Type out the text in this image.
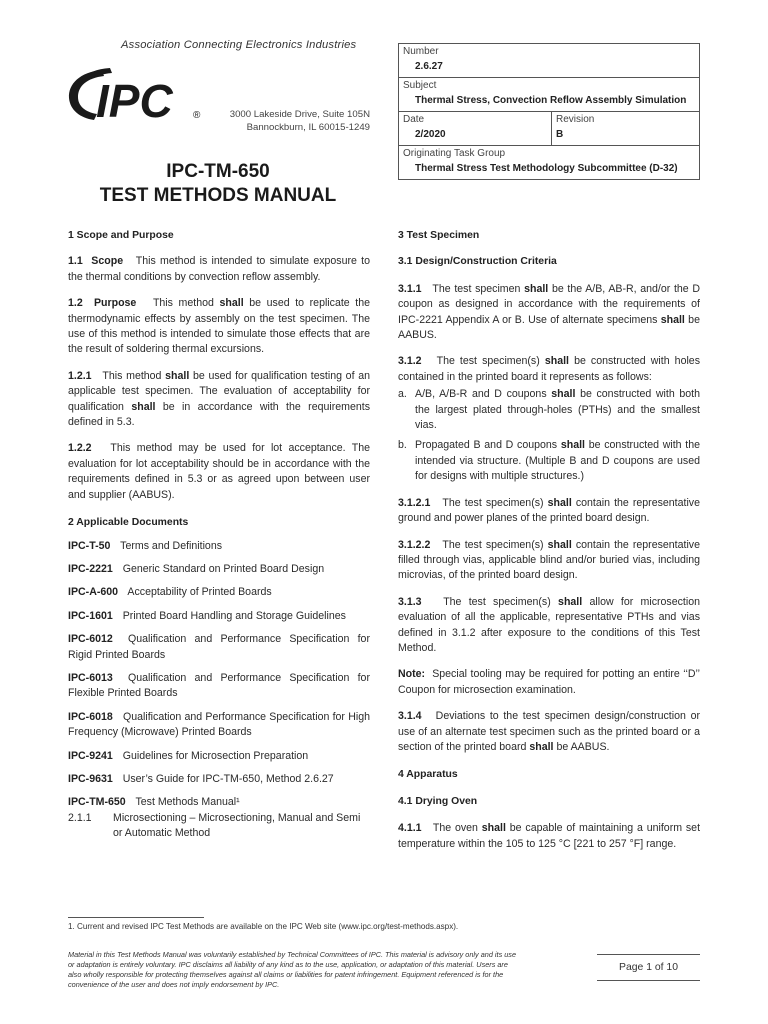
Association Connecting Electronics Industries
IPC ®	3000 Lakeside Drive, Suite 105N
Bannockburn, IL 60015-1249
IPC-TM-650
TEST METHODS MANUAL
Number
2.6.27
Subject
Thermal Stress, Convection Reflow Assembly Simulation
Date
2/2020
Revision
B
Originating Task Group
Thermal Stress Test Methodology Subcommittee (D-32)
1 Scope and Purpose

1.1 Scope This method is intended to simulate exposure to the thermal conditions by convection reflow assembly.

1.2 Purpose This method shall be used to replicate the thermodynamic effects by assembly on the test specimen. The use of this method is intended to simulate those effects that are the result of soldering thermal excursions.

1.2.1 This method shall be used for qualification testing of an applicable test specimen. The evaluation of acceptability for qualification shall be in accordance with the requirements defined in 5.3.

1.2.2 This method may be used for lot acceptance. The evaluation for lot acceptability should be in accordance with the requirements defined in 5.3 or as agreed upon between user and supplier (AABUS).

2 Applicable Documents

IPC-T-50 Terms and Definitions

IPC-2221 Generic Standard on Printed Board Design

IPC-A-600 Acceptability of Printed Boards

IPC-1601 Printed Board Handling and Storage Guidelines

IPC-6012 Qualification and Performance Specification for Rigid Printed Boards

IPC-6013 Qualification and Performance Specification for Flexible Printed Boards

IPC-6018 Qualification and Performance Specification for High Frequency (Microwave) Printed Boards

IPC-9241 Guidelines for Microsection Preparation

IPC-9631 User’s Guide for IPC-TM-650, Method 2.6.27

IPC-TM-650 Test Methods Manual¹

2.1.1	Microsectioning – Microsectioning, Manual and Semi or Automatic Method
3 Test Specimen
3.1 Design/Construction Criteria

3.1.1 The test specimen shall be the A/B, AB-R, and/or the D coupon as designed in accordance with the requirements of IPC-2221 Appendix A or B. Use of alternate specimens shall be AABUS.

3.1.2 The test specimen(s) shall be constructed with holes contained in the printed board it represents as follows:

a. A/B, A/B-R and D coupons shall be constructed with both the largest plated through-holes (PTHs) and the smallest vias.
b. Propagated B and D coupons shall be constructed with the intended via structure. (Multiple B and D coupons are used for designs with multiple structures.)

3.1.2.1 The test specimen(s) shall contain the representative ground and power planes of the printed board design.

3.1.2.2 The test specimen(s) shall contain the representative filled through vias, applicable blind and/or buried vias, including microvias, of the printed board design.

3.1.3 The test specimen(s) shall allow for microsection evaluation of all the applicable, representative PTHs and vias defined in 3.1.2 after exposure to the conditions of this Test Method.

Note: Special tooling may be required for potting an entire ‘‘D’’ Coupon for microsection examination.

3.1.4 Deviations to the test specimen design/construction or use of an alternate test specimen such as the printed board or a section of the printed board shall be AABUS.

4 Apparatus
4.1 Drying Oven

4.1.1 The oven shall be capable of maintaining a uniform set temperature within the 105 to 125 °C [221 to 257 °F] range.

1. Current and revised IPC Test Methods are available on the IPC Web site (www.ipc.org/test-methods.aspx).
Material in this Test Methods Manual was voluntarily established by Technical Committees of IPC. This material is advisory only and its use or adaptation is entirely voluntary. IPC disclaims all liability of any kind as to the use, application, or adaptation of this material. Users are also wholly responsible for protecting themselves against all claims or liabilities for patent infringement. Equipment referenced is for the convenience of the user and does not imply endorsement by IPC.
Page 1 of 10
